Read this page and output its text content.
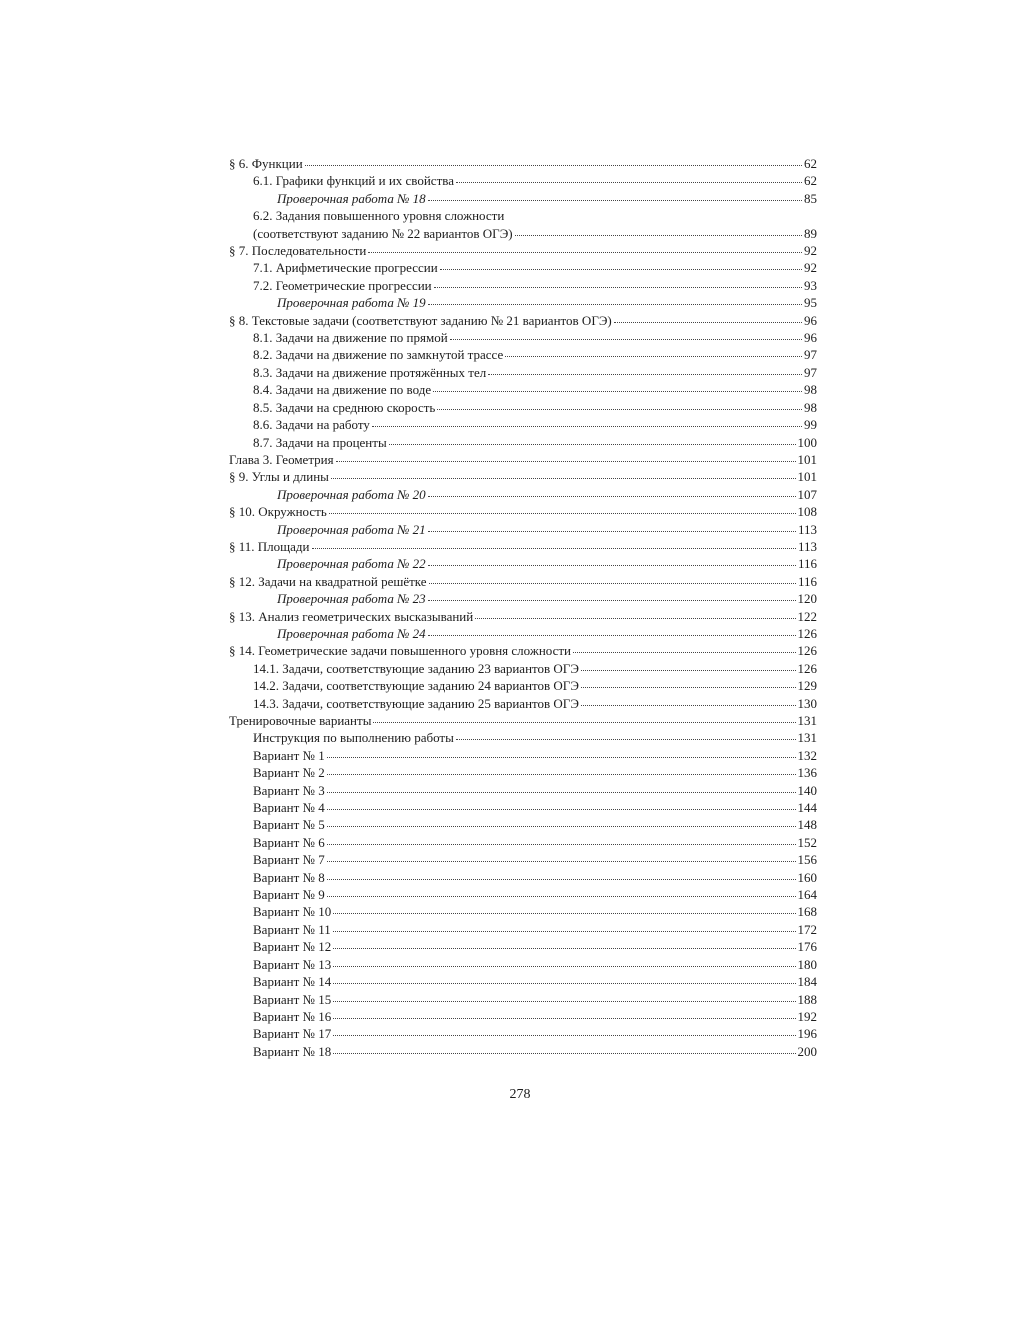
§ 6. Функции	62
6.1. Графики функций и их свойства	62
Проверочная работа № 18	85
6.2. Задания повышенного уровня сложности
(соответствуют заданию № 22 вариантов ОГЭ)	89
§ 7. Последовательности	92
7.1. Арифметические прогрессии	92
7.2. Геометрические прогрессии	93
Проверочная работа № 19	95
§ 8. Текстовые задачи (соответствуют заданию № 21 вариантов ОГЭ)	96
8.1. Задачи на движение по прямой	96
8.2. Задачи на движение по замкнутой трассе	97
8.3. Задачи на движение протяжённых тел	97
8.4. Задачи на движение по воде	98
8.5. Задачи на среднюю скорость	98
8.6. Задачи на работу	99
8.7. Задачи на проценты	100
Глава 3. Геометрия	101
§ 9. Углы и длины	101
Проверочная работа № 20	107
§ 10. Окружность	108
Проверочная работа № 21	113
§ 11. Площади	113
Проверочная работа № 22	116
§ 12. Задачи на квадратной решётке	116
Проверочная работа № 23	120
§ 13. Анализ геометрических высказываний	122
Проверочная работа № 24	126
§ 14. Геометрические задачи повышенного уровня сложности	126
14.1. Задачи, соответствующие заданию 23 вариантов ОГЭ	126
14.2. Задачи, соответствующие заданию 24 вариантов ОГЭ	129
14.3. Задачи, соответствующие заданию 25 вариантов ОГЭ	130
Тренировочные варианты	131
Инструкция по выполнению работы	131
Вариант № 1	132
Вариант № 2	136
Вариант № 3	140
Вариант № 4	144
Вариант № 5	148
Вариант № 6	152
Вариант № 7	156
Вариант № 8	160
Вариант № 9	164
Вариант № 10	168
Вариант № 11	172
Вариант № 12	176
Вариант № 13	180
Вариант № 14	184
Вариант № 15	188
Вариант № 16	192
Вариант № 17	196
Вариант № 18	200
278
